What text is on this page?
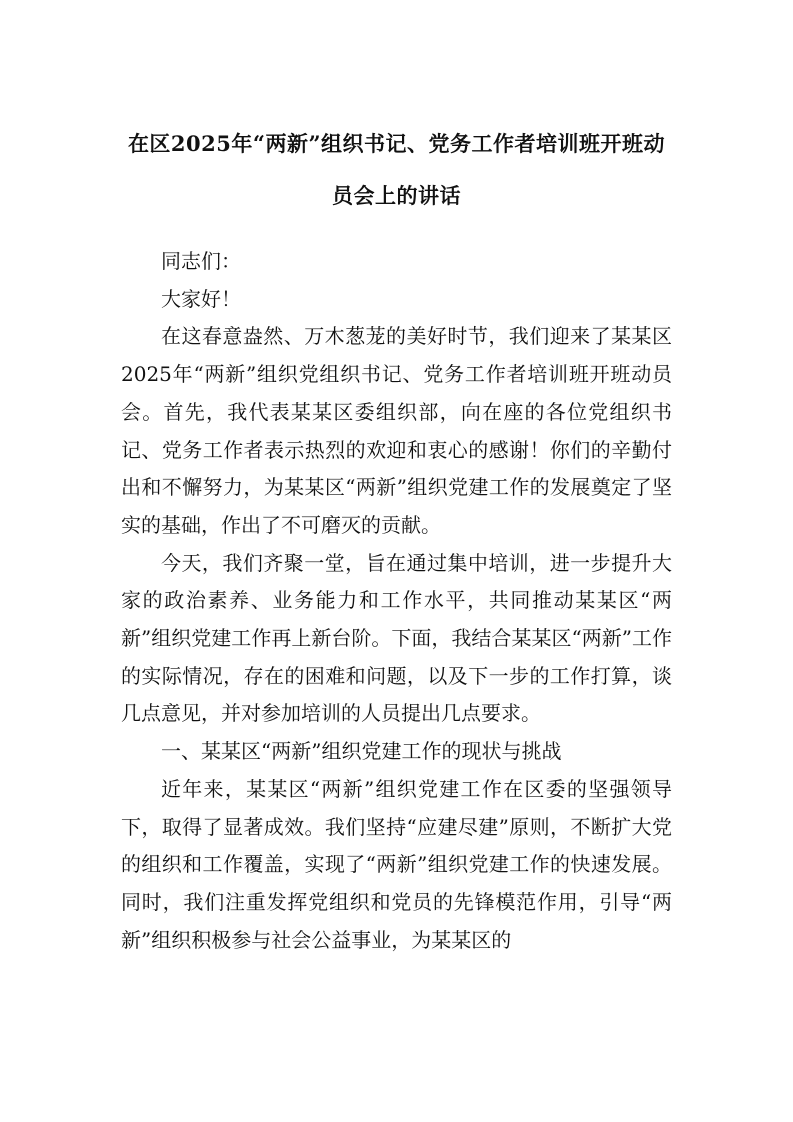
在区2025年“两新”组织书记、党务工作者培训班开班动
员会上的讲话

同志们：

大家好！

在这春意盎然、万木葱茏的美好时节，我们迎来了某某区2025年“两新”组织党组织书记、党务工作者培训班开班动员会。首先，我代表某某区委组织部，向在座的各位党组织书记、党务工作者表示热烈的欢迎和衷心的感谢！你们的辛勤付出和不懈努力，为某某区“两新”组织党建工作的发展奠定了坚实的基础，作出了不可磨灭的贡献。

今天，我们齐聚一堂，旨在通过集中培训，进一步提升大家的政治素养、业务能力和工作水平，共同推动某某区“两新”组织党建工作再上新台阶。下面，我结合某某区“两新”工作的实际情况，存在的困难和问题，以及下一步的工作打算，谈几点意见，并对参加培训的人员提出几点要求。

一、某某区“两新”组织党建工作的现状与挑战

近年来，某某区“两新”组织党建工作在区委的坚强领导下，取得了显著成效。我们坚持“应建尽建”原则，不断扩大党的组织和工作覆盖，实现了“两新”组织党建工作的快速发展。同时，我们注重发挥党组织和党员的先锋模范作用，引导“两新”组织积极参与社会公益事业，为某某区的
